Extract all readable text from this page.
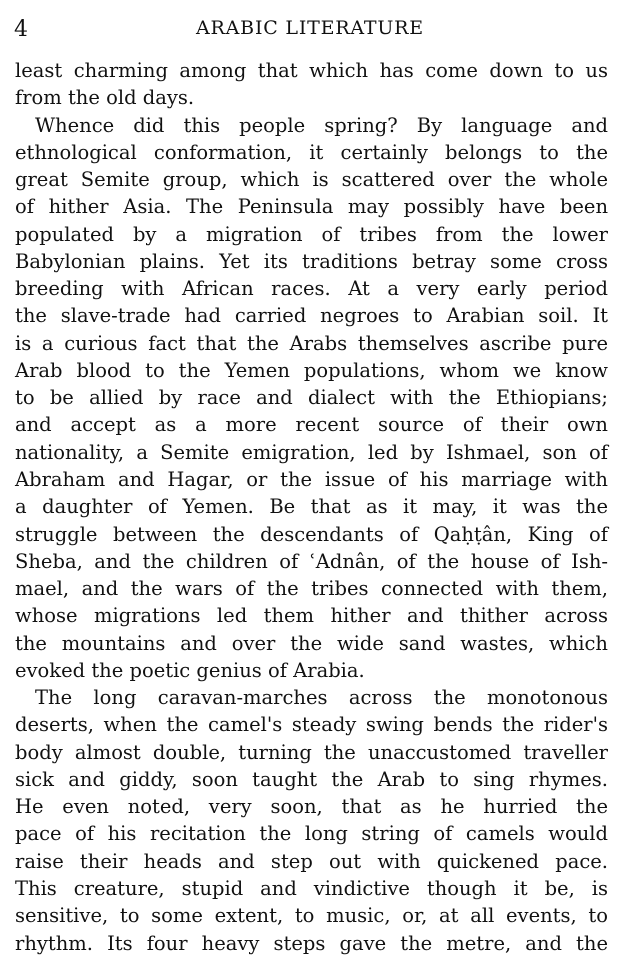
4	ARABIC LITERATURE
least charming among that which has come down to us
from the old days.
Whence did this people spring? By language and
ethnological conformation, it certainly belongs to the
great Semite group, which is scattered over the whole
of hither Asia. The Peninsula may possibly have been
populated by a migration of tribes from the lower
Babylonian plains. Yet its traditions betray some cross
breeding with African races. At a very early period
the slave-trade had carried negroes to Arabian soil. It
is a curious fact that the Arabs themselves ascribe pure
Arab blood to the Yemen populations, whom we know
to be allied by race and dialect with the Ethiopians;
and accept as a more recent source of their own
nationality, a Semite emigration, led by Ishmael, son of
Abraham and Hagar, or the issue of his marriage with
a daughter of Yemen. Be that as it may, it was the
struggle between the descendants of Qaḥṭân, King of
Sheba, and the children of ʿAdnân, of the house of Ish-
mael, and the wars of the tribes connected with them,
whose migrations led them hither and thither across
the mountains and over the wide sand wastes, which
evoked the poetic genius of Arabia.
The long caravan-marches across the monotonous
deserts, when the camel's steady swing bends the rider's
body almost double, turning the unaccustomed traveller
sick and giddy, soon taught the Arab to sing rhymes.
He even noted, very soon, that as he hurried the
pace of his recitation the long string of camels would
raise their heads and step out with quickened pace.
This creature, stupid and vindictive though it be, is
sensitive, to some extent, to music, or, at all events, to
rhythm. Its four heavy steps gave the metre, and the
